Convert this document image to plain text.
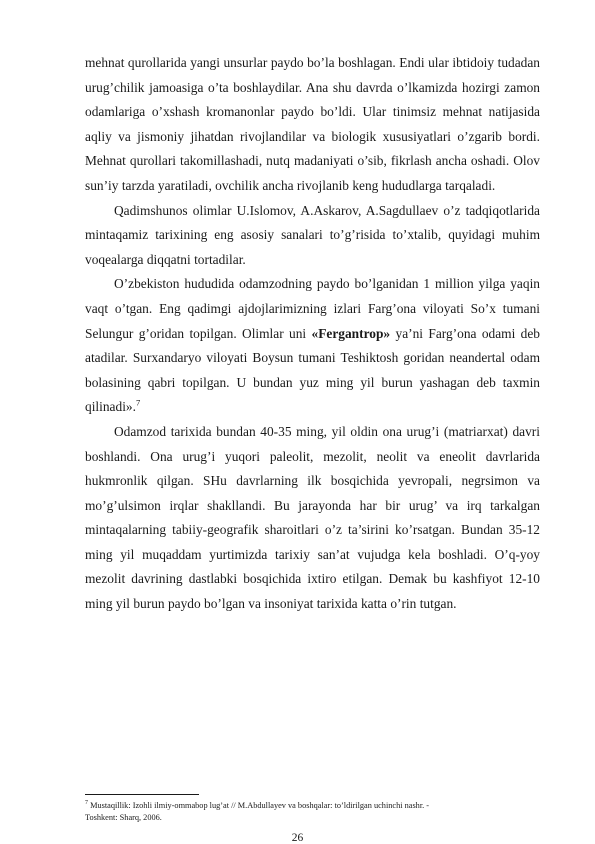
mehnat qurollarida yangi unsurlar paydo bo’la boshlagan. Endi ular ibtidoiy tudadan urug’chilik jamoasiga o’ta boshlaydilar. Ana shu davrda o’lkamizda hozirgi zamon odamlariga o’xshash kromanonlar paydo bo’ldi. Ular tinimsiz mehnat natijasida aqliy va jismoniy jihatdan rivojlandilar va biologik xususiyatlari o’zgarib bordi. Mehnat qurollari takomillashadi, nutq madaniyati o’sib, fikrlash ancha oshadi. Olov sun’iy tarzda yaratiladi, ovchilik ancha rivojlanib keng hududlarga tarqaladi.

Qadimshunos olimlar U.Islomov, A.Askarov, A.Sagdullaev o’z tadqiqotlarida mintaqamiz tarixining eng asosiy sanalari to’g’risida to’xtalib, quyidagi muhim voqealarga diqqatni tortadilar.

O’zbekiston hududida odamzodning paydo bo’lganidan 1 million yilga yaqin vaqt o’tgan. Eng qadimgi ajdojlarimizning izlari Farg’ona viloyati So’x tumani Selungur g’oridan topilgan. Olimlar uni «Fergantrop» ya’ni Farg’ona odami deb atadilar. Surxandaryo viloyati Boysun tumani Teshiktosh goridan neandertal odam bolasining qabri topilgan. U bundan yuz ming yil burun yashagan deb taxmin qilinadi».$^7$

Odamzod tarixida bundan 40-35 ming, yil oldin ona urug’i (matriarxat) davri boshlandi. Ona urug’i yuqori paleolit, mezolit, neolit va eneolit davrlarida hukmronlik qilgan. SHu davrlarning ilk bosqichida yevropali, negrsimon va mo’g’ulsimon irqlar shakllandi. Bu jarayonda har bir urug’ va irq tarkalgan mintaqalarning tabiiy-geografik sharoitlari o’z ta’sirini ko’rsatgan. Bundan 35-12 ming yil muqaddam yurtimizda tarixiy san’at vujudga kela boshladi. O’q-yoy mezolit davrining dastlabki bosqichida ixtiro etilgan. Demak bu kashfiyot 12-10 ming yil burun paydo bo’lgan va insoniyat tarixida katta o’rin tutgan.

$^7$ Mustaqillik: Izohli ilmiy-ommabop lug’at // M.Abdullayev va boshqalar: to’ldirilgan uchinchi nashr. -
Toshkent: Sharq, 2006.

26
